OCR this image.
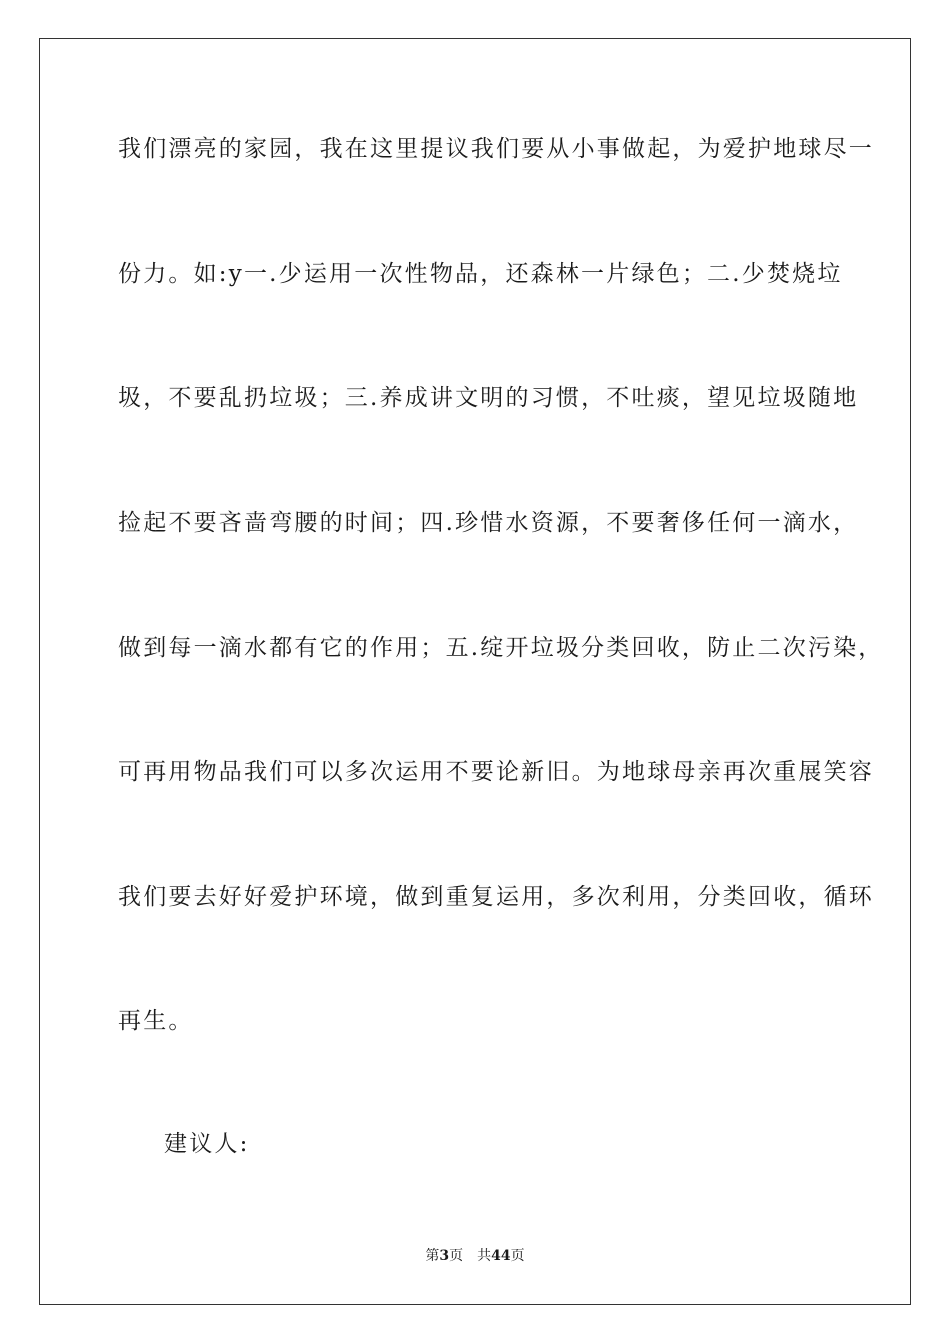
我们漂亮的家园，我在这里提议我们要从小事做起，为爱护地球尽一
份力。如:y一.少运用一次性物品，还森林一片绿色；二.少焚烧垃
圾，不要乱扔垃圾；三.养成讲文明的习惯，不吐痰，望见垃圾随地
捡起不要吝啬弯腰的时间；四.珍惜水资源，不要奢侈任何一滴水，
做到每一滴水都有它的作用；五.绽开垃圾分类回收，防止二次污染，
可再用物品我们可以多次运用不要论新旧。为地球母亲再次重展笑容
我们要去好好爱护环境，做到重复运用，多次利用，分类回收，循环
再生。
建议人:
第3页 共44页
